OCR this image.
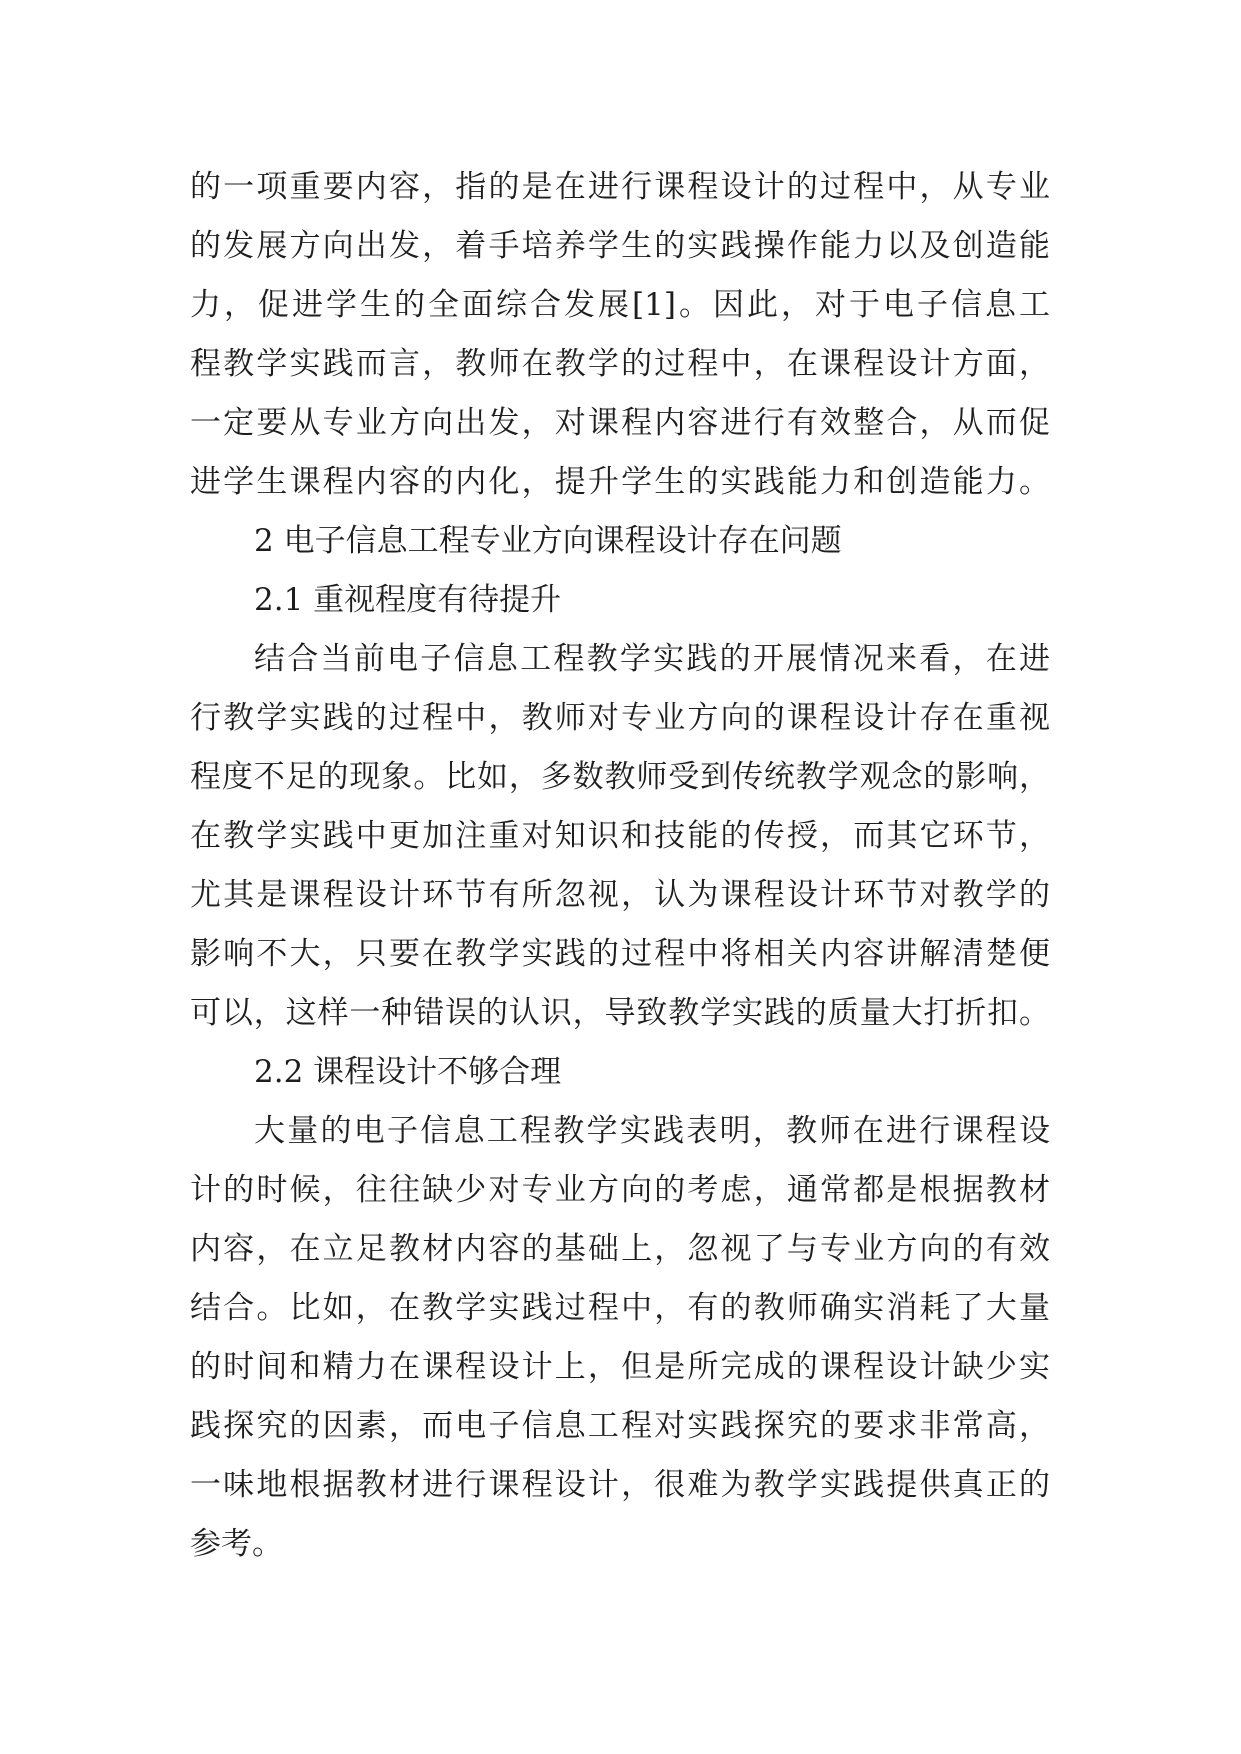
的一项重要内容，指的是在进行课程设计的过程中，从专业
的发展方向出发，着手培养学生的实践操作能力以及创造能
力，促进学生的全面综合发展[1]。因此，对于电子信息工
程教学实践而言，教师在教学的过程中，在课程设计方面，
一定要从专业方向出发，对课程内容进行有效整合，从而促
进学生课程内容的内化，提升学生的实践能力和创造能力。
2 电子信息工程专业方向课程设计存在问题
2.1 重视程度有待提升
结合当前电子信息工程教学实践的开展情况来看，在进
行教学实践的过程中，教师对专业方向的课程设计存在重视
程度不足的现象。比如，多数教师受到传统教学观念的影响，
在教学实践中更加注重对知识和技能的传授，而其它环节，
尤其是课程设计环节有所忽视，认为课程设计环节对教学的
影响不大，只要在教学实践的过程中将相关内容讲解清楚便
可以，这样一种错误的认识，导致教学实践的质量大打折扣。
2.2 课程设计不够合理
大量的电子信息工程教学实践表明，教师在进行课程设
计的时候，往往缺少对专业方向的考虑，通常都是根据教材
内容，在立足教材内容的基础上，忽视了与专业方向的有效
结合。比如，在教学实践过程中，有的教师确实消耗了大量
的时间和精力在课程设计上，但是所完成的课程设计缺少实
践探究的因素，而电子信息工程对实践探究的要求非常高，
一味地根据教材进行课程设计，很难为教学实践提供真正的
参考。
